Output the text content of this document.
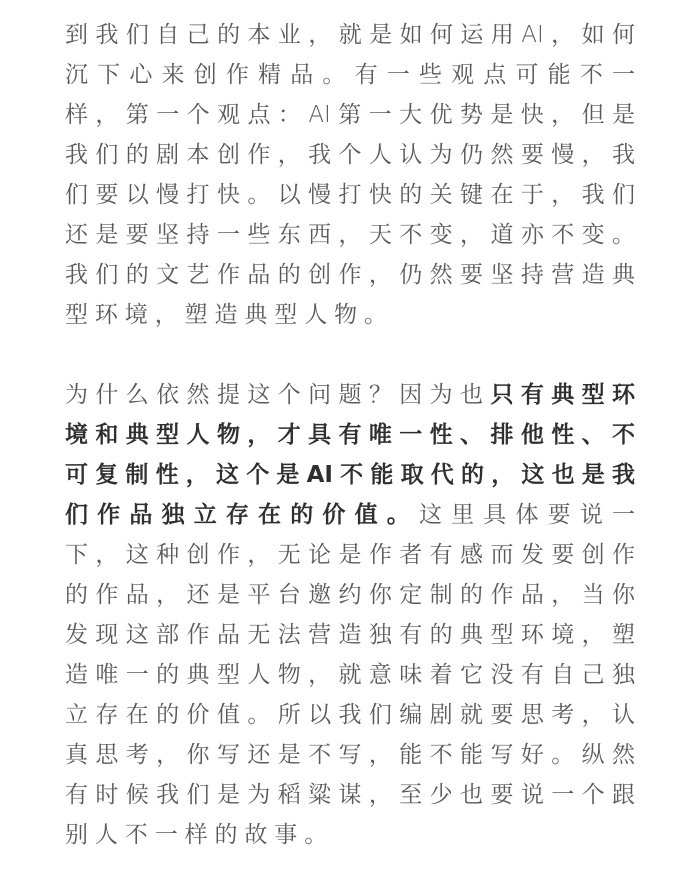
到我们自己的本业，就是如何运用AI，如何
沉下心来创作精品。有一些观点可能不一
样，第一个观点：AI第一大优势是快，但是
我们的剧本创作，我个人认为仍然要慢，我
们要以慢打快。以慢打快的关键在于，我们
还是要坚持一些东西，天不变，道亦不变。
我们的文艺作品的创作，仍然要坚持营造典
型环境，塑造典型人物。

为什么依然提这个问题？因为也只有典型环
境和典型人物，才具有唯一性、排他性、不
可复制性，这个是AI不能取代的，这也是我
们作品独立存在的价值。这里具体要说一
下，这种创作，无论是作者有感而发要创作
的作品，还是平台邀约你定制的作品，当你
发现这部作品无法营造独有的典型环境，塑
造唯一的典型人物，就意味着它没有自己独
立存在的价值。所以我们编剧就要思考，认
真思考，你写还是不写，能不能写好。纵然
有时候我们是为稻粱谋，至少也要说一个跟
别人不一样的故事。
